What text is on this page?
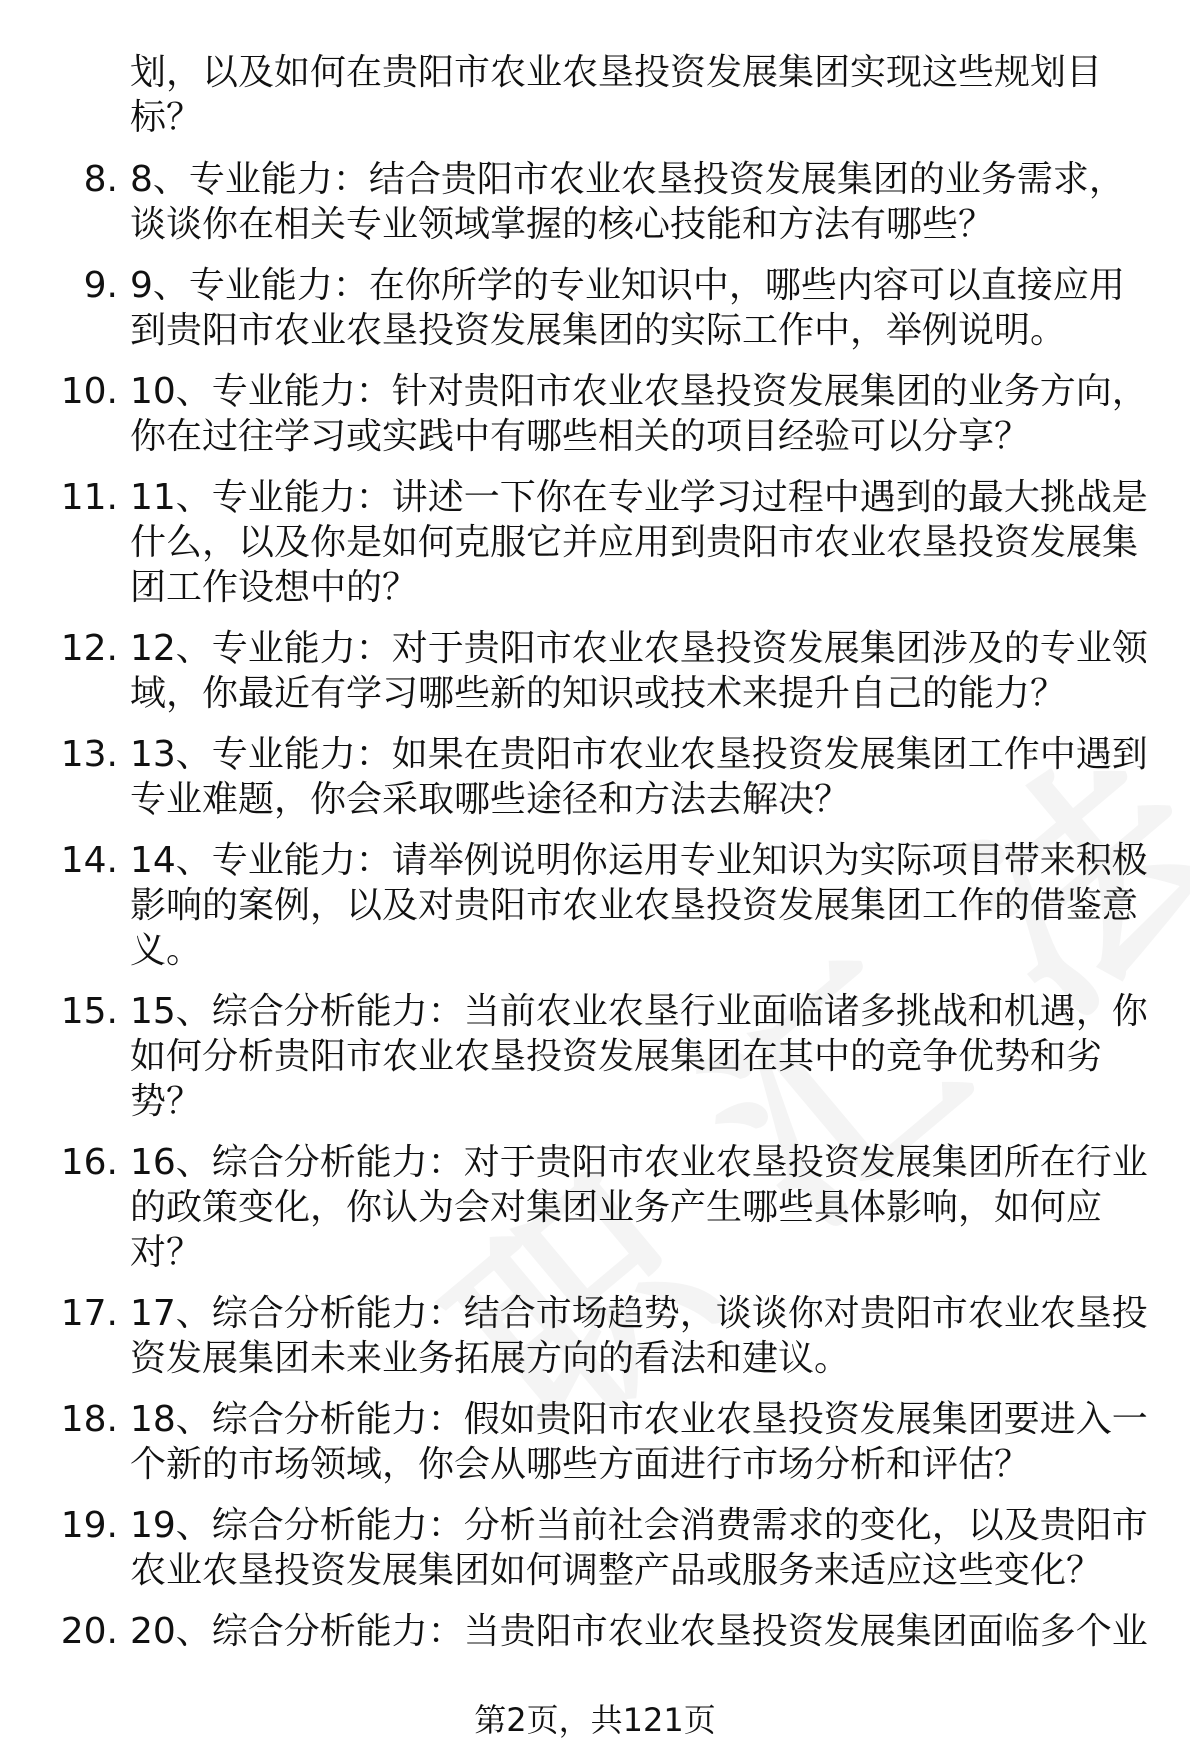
划，以及如何在贵阳市农业农垦投资发展集团实现这些规划目标？
8. 8、专业能力：结合贵阳市农业农垦投资发展集团的业务需求，谈谈你在相关专业领域掌握的核心技能和方法有哪些？
9. 9、专业能力：在你所学的专业知识中，哪些内容可以直接应用到贵阳市农业农垦投资发展集团的实际工作中，举例说明。
10. 10、专业能力：针对贵阳市农业农垦投资发展集团的业务方向，你在过往学习或实践中有哪些相关的项目经验可以分享？
11. 11、专业能力：讲述一下你在专业学习过程中遇到的最大挑战是什么，以及你是如何克服它并应用到贵阳市农业农垦投资发展集团工作设想中的？
12. 12、专业能力：对于贵阳市农业农垦投资发展集团涉及的专业领域，你最近有学习哪些新的知识或技术来提升自己的能力？
13. 13、专业能力：如果在贵阳市农业农垦投资发展集团工作中遇到专业难题，你会采取哪些途径和方法去解决？
14. 14、专业能力：请举例说明你运用专业知识为实际项目带来积极影响的案例，以及对贵阳市农业农垦投资发展集团工作的借鉴意义。
15. 15、综合分析能力：当前农业农垦行业面临诸多挑战和机遇，你如何分析贵阳市农业农垦投资发展集团在其中的竞争优势和劣势？
16. 16、综合分析能力：对于贵阳市农业农垦投资发展集团所在行业的政策变化，你认为会对集团业务产生哪些具体影响，如何应对？
17. 17、综合分析能力：结合市场趋势，谈谈你对贵阳市农业农垦投资发展集团未来业务拓展方向的看法和建议。
18. 18、综合分析能力：假如贵阳市农业农垦投资发展集团要进入一个新的市场领域，你会从哪些方面进行市场分析和评估？
19. 19、综合分析能力：分析当前社会消费需求的变化，以及贵阳市农业农垦投资发展集团如何调整产品或服务来适应这些变化？
20. 20、综合分析能力：当贵阳市农业农垦投资发展集团面临多个业
第2页，共121页
